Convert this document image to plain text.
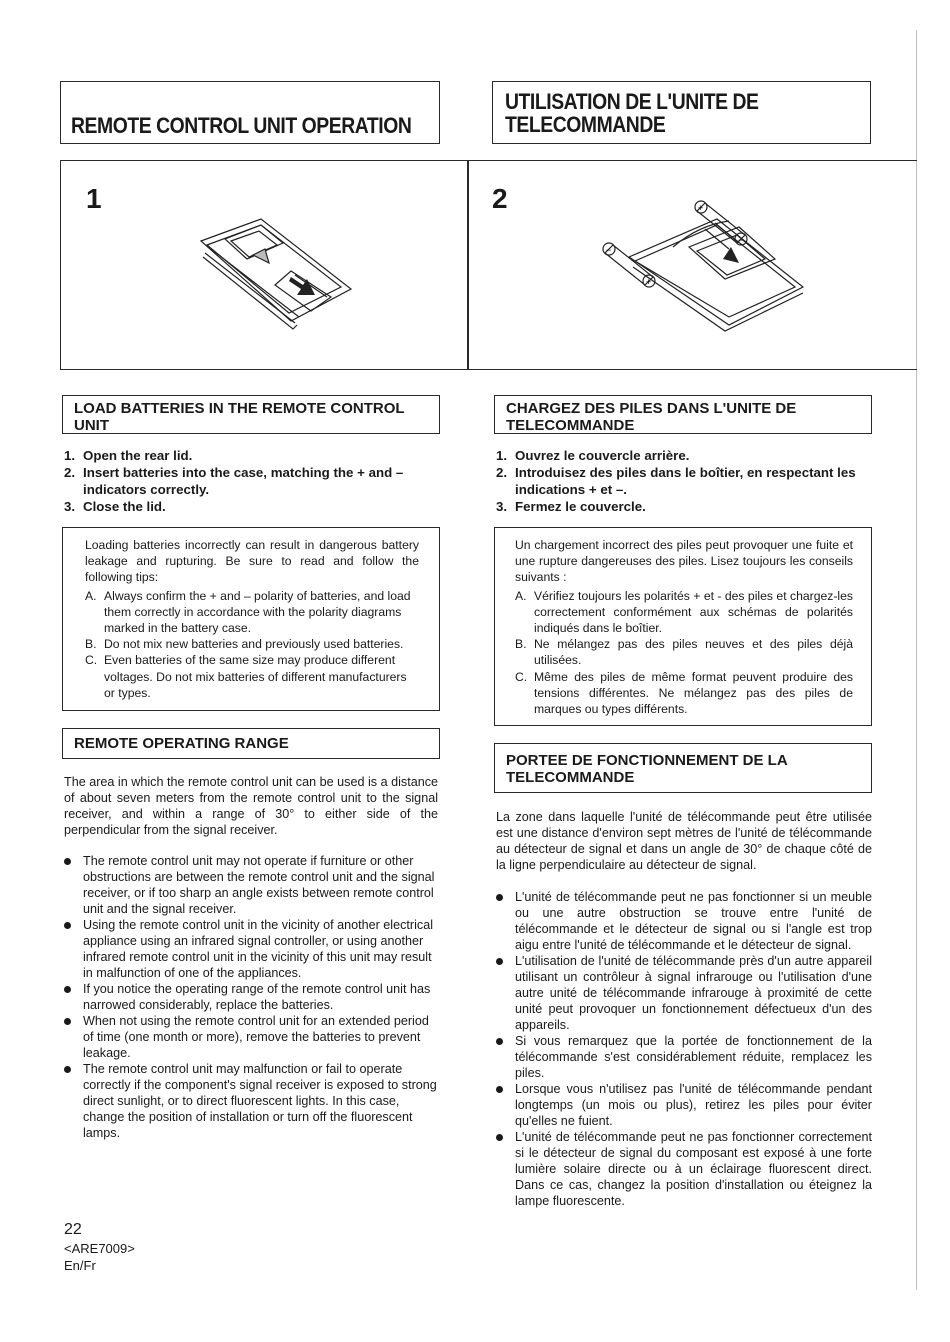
REMOTE CONTROL UNIT OPERATION
UTILISATION DE L'UNITE DE
TELECOMMANDE
1	2	+
−
−
+
LOAD BATTERIES IN THE REMOTE CONTROL UNIT
1. Open the rear lid.
2. Insert batteries into the case, matching the + and – indicators correctly.
3. Close the lid.

Loading batteries incorrectly can result in dangerous battery leakage and rupturing. Be sure to read and follow the following tips:

A. Always confirm the + and – polarity of batteries, and load them correctly in accordance with the polarity diagrams marked in the battery case.
B. Do not mix new batteries and previously used batteries.
C. Even batteries of the same size may produce different voltages. Do not mix batteries of different manufacturers or types.
REMOTE OPERATING RANGE
The area in which the remote control unit can be used is a distance of about seven meters from the remote control unit to the signal receiver, and within a range of 30° to either side of the perpendicular from the signal receiver.
The remote control unit may not operate if furniture or other obstructions are between the remote control unit and the signal receiver, or if too sharp an angle exists between remote control unit and the signal receiver.
Using the remote control unit in the vicinity of another electrical appliance using an infrared signal controller, or using another infrared remote control unit in the vicinity of this unit may result in malfunction of one of the appliances.
If you notice the operating range of the remote control unit has narrowed considerably, replace the batteries.
When not using the remote control unit for an extended period of time (one month or more), remove the batteries to prevent leakage.
The remote control unit may malfunction or fail to operate correctly if the component's signal receiver is exposed to strong direct sunlight, or to direct fluorescent lights. In this case, change the position of installation or turn off the fluorescent lamps.
CHARGEZ DES PILES DANS L'UNITE DE
TELECOMMANDE
1. Ouvrez le couvercle arrière.
2. Introduisez des piles dans le boîtier, en respectant les indications + et –.
3. Fermez le couvercle.

Un chargement incorrect des piles peut provoquer une fuite et une rupture dangereuses des piles. Lisez toujours les conseils suivants :

A. Vérifiez toujours les polarités + et - des piles et chargez-les correctement conformément aux schémas de polarités indiqués dans le boîtier.
B. Ne mélangez pas des piles neuves et des piles déjà utilisées.
C. Même des piles de même format peuvent produire des tensions différentes. Ne mélangez pas des piles de marques ou types différents.
PORTEE DE FONCTIONNEMENT DE LA
TELECOMMANDE
La zone dans laquelle l'unité de télécommande peut être utilisée est une distance d'environ sept mètres de l'unité de télécommande au détecteur de signal et dans un angle de 30° de chaque côté de la ligne perpendiculaire au détecteur de signal.
L'unité de télécommande peut ne pas fonctionner si un meuble ou une autre obstruction se trouve entre l'unité de télécommande et le détecteur de signal ou si l'angle est trop aigu entre l'unité de télécommande et le détecteur de signal.
L'utilisation de l'unité de télécommande près d'un autre appareil utilisant un contrôleur à signal infrarouge ou l'utilisation d'une autre unité de télécommande infrarouge à proximité de cette unité peut provoquer un fonctionnement défectueux d'un des appareils.
Si vous remarquez que la portée de fonctionnement de la télécommande s'est considérablement réduite, remplacez les piles.
Lorsque vous n'utilisez pas l'unité de télécommande pendant longtemps (un mois ou plus), retirez les piles pour éviter qu'elles ne fuient.
L'unité de télécommande peut ne pas fonctionner correctement si le détecteur de signal du composant est exposé à une forte lumière solaire directe ou à un éclairage fluorescent direct. Dans ce cas, changez la position d'installation ou éteignez la lampe fluorescente.
22
<ARE7009>
En/Fr
